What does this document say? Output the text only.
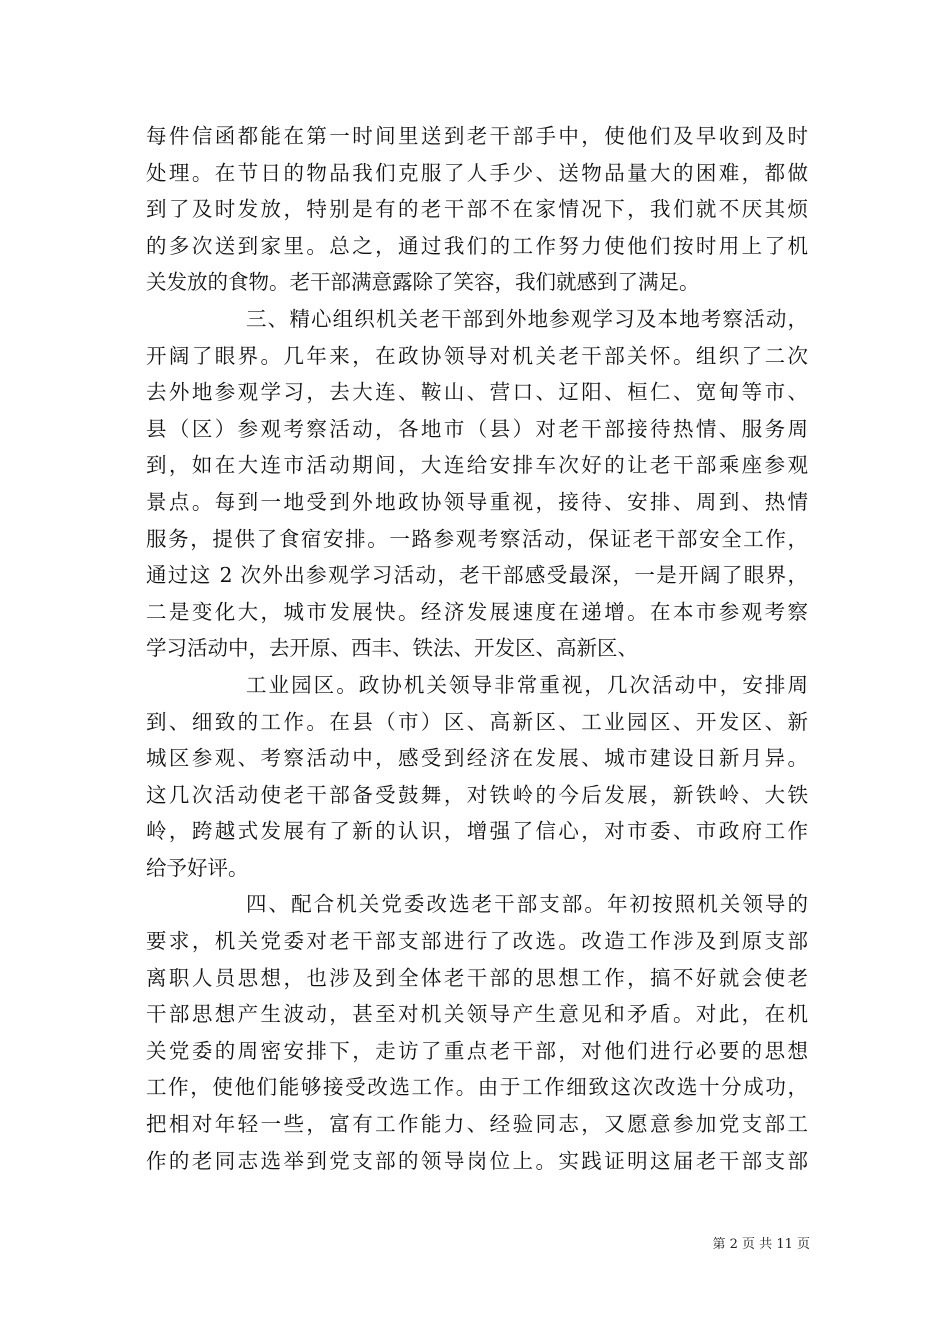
每件信函都能在第一时间里送到老干部手中，使他们及早收到及时
处理。在节日的物品我们克服了人手少、送物品量大的困难，都做
到了及时发放，特别是有的老干部不在家情况下，我们就不厌其烦
的多次送到家里。总之，通过我们的工作努力使他们按时用上了机
关发放的食物。老干部满意露除了笑容，我们就感到了满足。
三、精心组织机关老干部到外地参观学习及本地考察活动，
开阔了眼界。几年来，在政协领导对机关老干部关怀。组织了二次
去外地参观学习，去大连、鞍山、营口、辽阳、桓仁、宽甸等市、
县（区）参观考察活动，各地市（县）对老干部接待热情、服务周
到，如在大连市活动期间，大连给安排车次好的让老干部乘座参观
景点。每到一地受到外地政协领导重视，接待、安排、周到、热情
服务，提供了食宿安排。一路参观考察活动，保证老干部安全工作，
通过这 2 次外出参观学习活动，老干部感受最深，一是开阔了眼界，
二是变化大，城市发展快。经济发展速度在递增。在本市参观考察
学习活动中，去开原、西丰、铁法、开发区、高新区、
工业园区。政协机关领导非常重视，几次活动中，安排周
到、细致的工作。在县（市）区、高新区、工业园区、开发区、新
城区参观、考察活动中，感受到经济在发展、城市建设日新月异。
这几次活动使老干部备受鼓舞，对铁岭的今后发展，新铁岭、大铁
岭，跨越式发展有了新的认识，增强了信心，对市委、市政府工作
给予好评。
四、配合机关党委改选老干部支部。年初按照机关领导的
要求，机关党委对老干部支部进行了改选。改造工作涉及到原支部
离职人员思想，也涉及到全体老干部的思想工作，搞不好就会使老
干部思想产生波动，甚至对机关领导产生意见和矛盾。对此，在机
关党委的周密安排下，走访了重点老干部，对他们进行必要的思想
工作，使他们能够接受改选工作。由于工作细致这次改选十分成功，
把相对年轻一些，富有工作能力、经验同志，又愿意参加党支部工
作的老同志选举到党支部的领导岗位上。实践证明这届老干部支部
第 2 页 共 11 页
